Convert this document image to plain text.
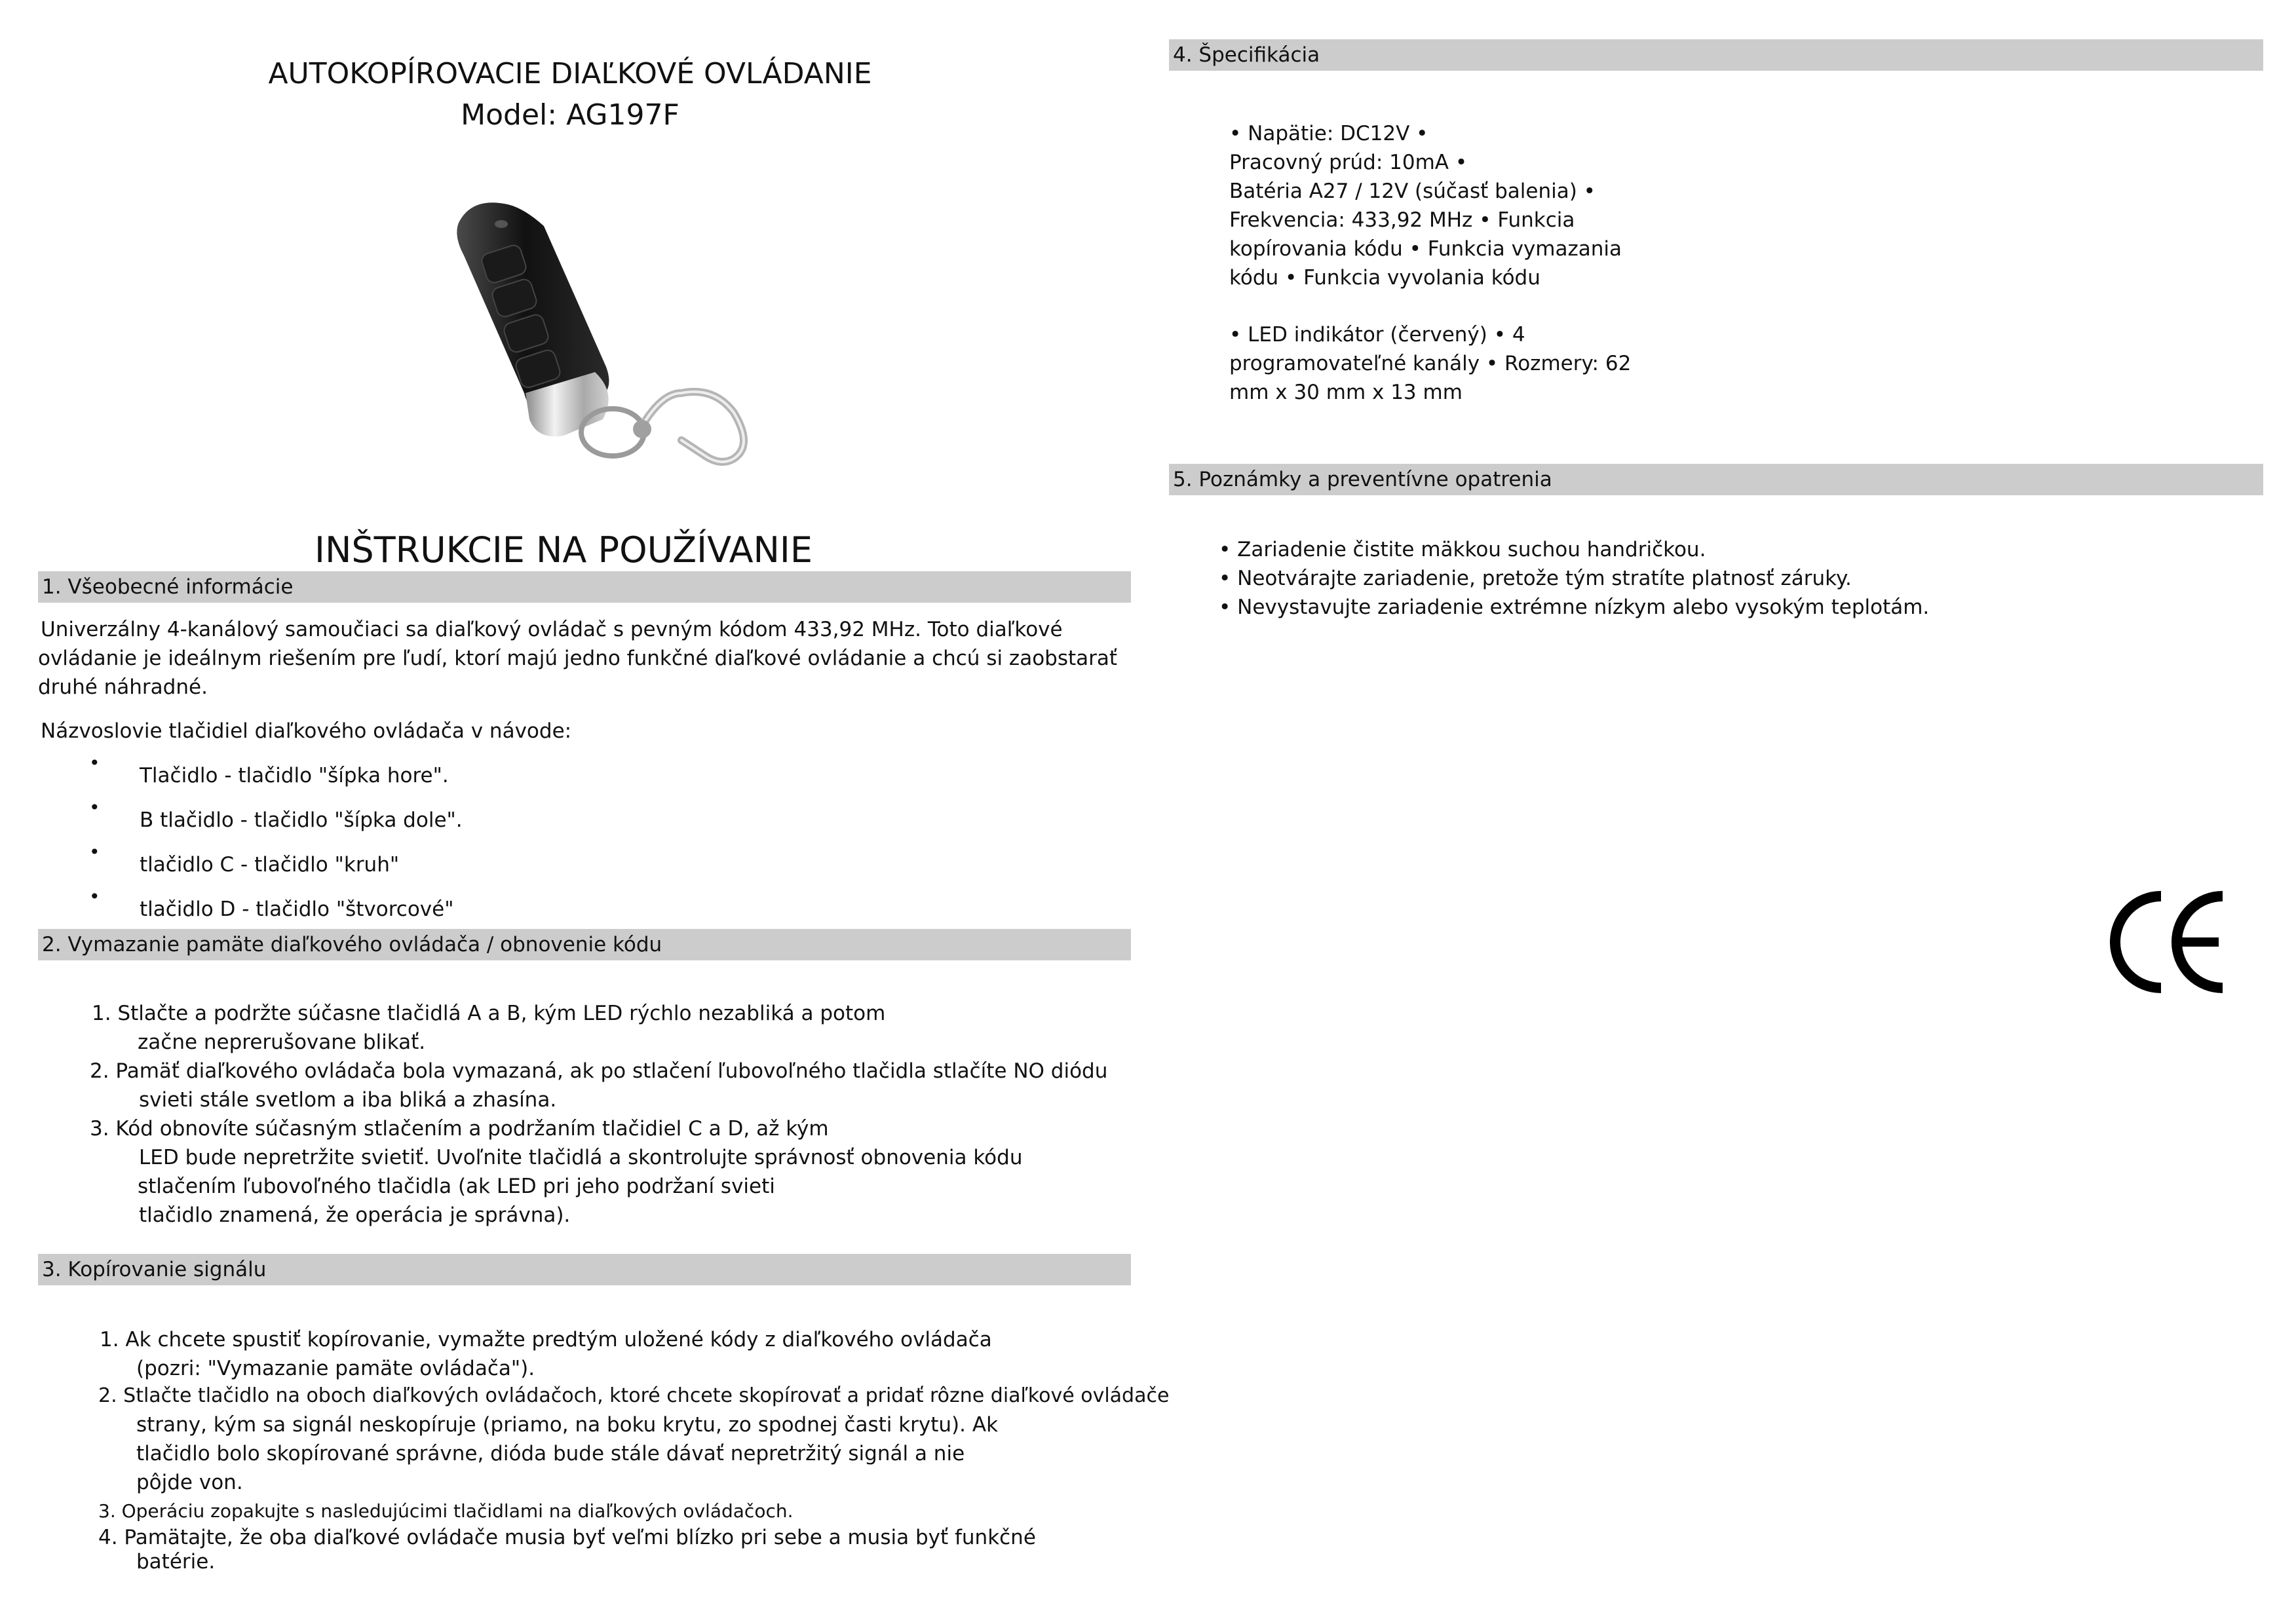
AUTOKOPÍROVACIE DIAĽKOVÉ OVLÁDANIE
Model: AG197F
INŠTRUKCIE NA POUŽÍVANIE
1. Všeobecné informácie
Univerzálny 4-kanálový samoučiaci sa diaľkový ovládač s pevným kódom 433,92 MHz. Toto diaľkové
ovládanie je ideálnym riešením pre ľudí, ktorí majú jedno funkčné diaľkové ovládanie a chcú si zaobstarať
druhé náhradné.
Názvoslovie tlačidiel diaľkového ovládača v návode:
•
Tlačidlo - tlačidlo "šípka hore".
•
B tlačidlo - tlačidlo "šípka dole".
•
tlačidlo C - tlačidlo "kruh"
•
tlačidlo D - tlačidlo "štvorcové"
2. Vymazanie pamäte diaľkového ovládača / obnovenie kódu
1. Stlačte a podržte súčasne tlačidlá A a B, kým LED rýchlo nezabliká a potom
začne neprerušovane blikať.
2. Pamäť diaľkového ovládača bola vymazaná, ak po stlačení ľubovoľného tlačidla stlačíte NO diódu
svieti stále svetlom a iba bliká a zhasína.
3. Kód obnovíte súčasným stlačením a podržaním tlačidiel C a D, až kým
LED bude nepretržite svietiť. Uvoľnite tlačidlá a skontrolujte správnosť obnovenia kódu
stlačením ľubovoľného tlačidla (ak LED pri jeho podržaní svieti
tlačidlo znamená, že operácia je správna).
3. Kopírovanie signálu
1. Ak chcete spustiť kopírovanie, vymažte predtým uložené kódy z diaľkového ovládača
(pozri: "Vymazanie pamäte ovládača").
2. Stlačte tlačidlo na oboch diaľkových ovládačoch, ktoré chcete skopírovať a pridať rôzne diaľkové ovládače
strany, kým sa signál neskopíruje (priamo, na boku krytu, zo spodnej časti krytu). Ak
tlačidlo bolo skopírované správne, dióda bude stále dávať nepretržitý signál a nie
pôjde von.
3. Operáciu zopakujte s nasledujúcimi tlačidlami na diaľkových ovládačoch.
4. Pamätajte, že oba diaľkové ovládače musia byť veľmi blízko pri sebe a musia byť funkčné
batérie.
4. Špecifikácia
• Napätie: DC12V •
Pracovný prúd: 10mA •
Batéria A27 / 12V (súčasť balenia) •
Frekvencia: 433,92 MHz • Funkcia
kopírovania kódu • Funkcia vymazania
kódu • Funkcia vyvolania kódu
• LED indikátor (červený) • 4
programovateľné kanály • Rozmery: 62
mm x 30 mm x 13 mm
5. Poznámky a preventívne opatrenia
• Zariadenie čistite mäkkou suchou handričkou.
• Neotvárajte zariadenie, pretože tým stratíte platnosť záruky.
• Nevystavujte zariadenie extrémne nízkym alebo vysokým teplotám.
